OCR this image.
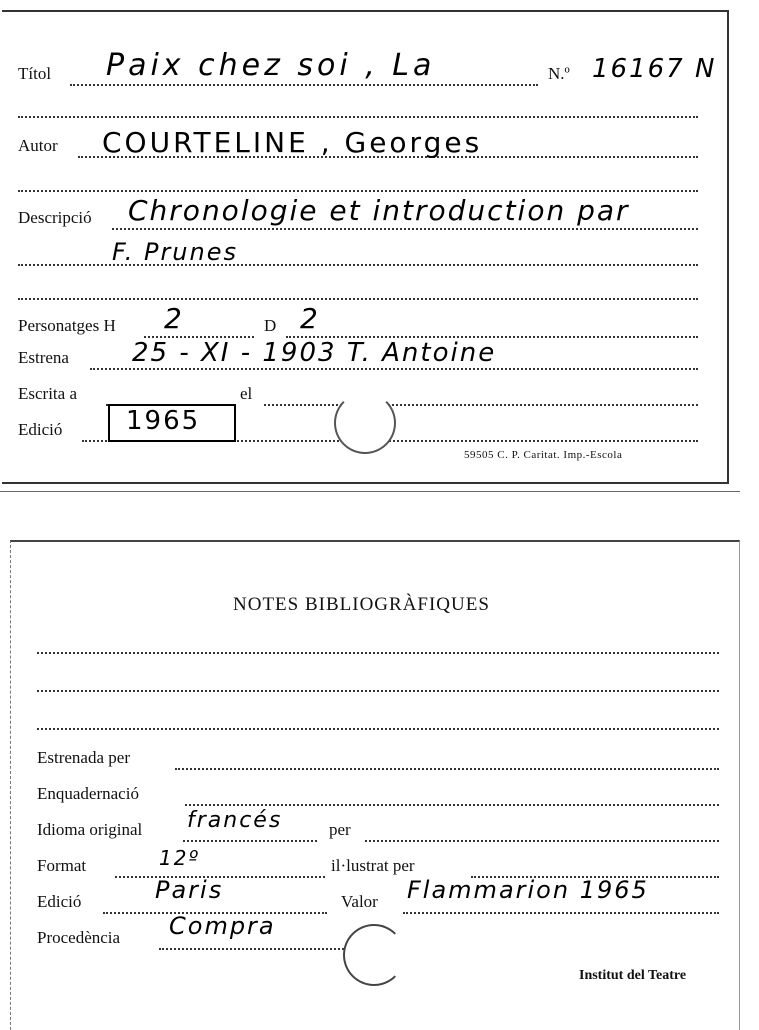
Títol Paix chez soi , La	N.º 16167 N
Autor COURTELINE , Georges
Descripció Chronologie et introduction par
F. Prunes
Personatges H 2	D 2
Estrena 25 - XI - 1903 T. Antoine
Escrita a	el
Edició 1965
59505 C. P. Caritat. Imp.-Escola
NOTES BIBLIOGRÀFIQUES
Estrenada per
Enquadernació
Idioma original francés	per
Format	12º	il·lustrat per
Edició	Paris	Valor Flammarion 1965
Procedència Compra
Institut del Teatre
